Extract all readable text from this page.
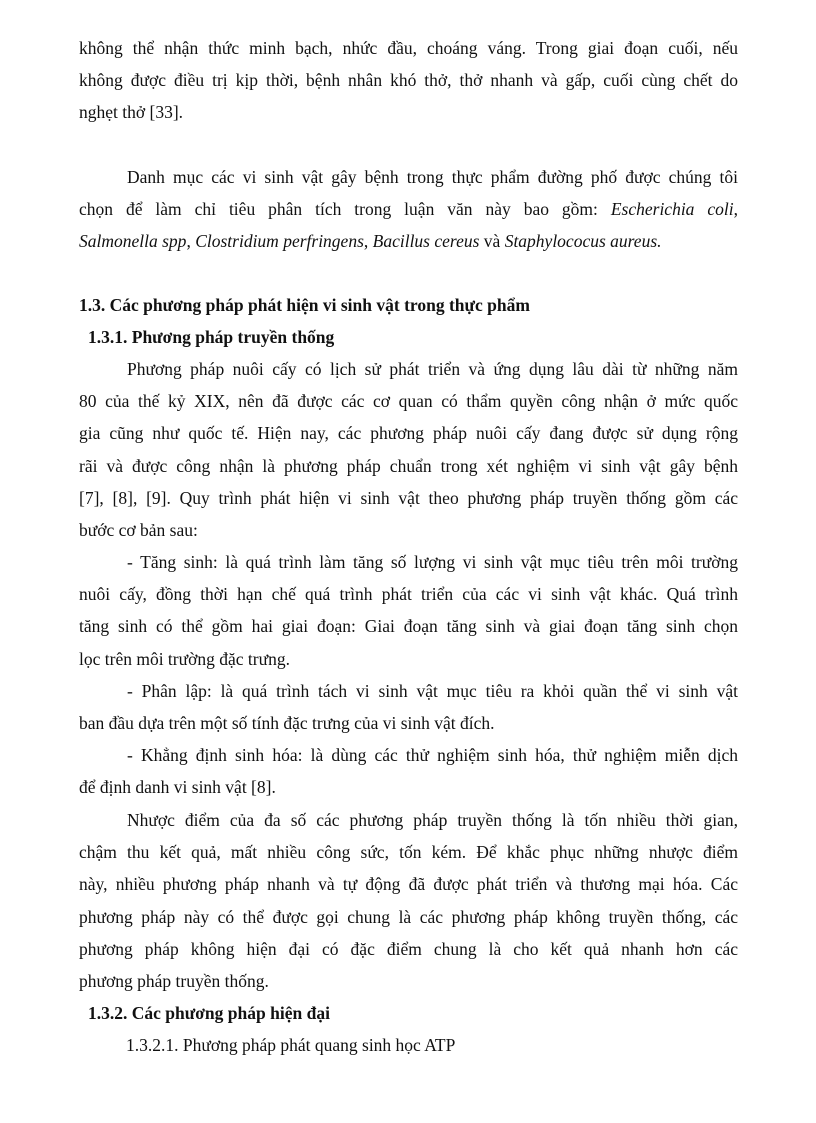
không thể nhận thức minh bạch, nhức đầu, choáng váng. Trong giai đoạn cuối, nếu
không được điều trị kịp thời, bệnh nhân khó thở, thở nhanh và gấp, cuối cùng chết do
nghẹt thở [33].

Danh mục các vi sinh vật gây bệnh trong thực phẩm đường phố được chúng tôi
chọn để làm chỉ tiêu phân tích trong luận văn này bao gồm: Escherichia coli,
Salmonella spp, Clostridium perfringens, Bacillus cereus và Staphylococus aureus.

1.3. Các phương pháp phát hiện vi sinh vật trong thực phẩm
1.3.1. Phương pháp truyền thống

Phương pháp nuôi cấy có lịch sử phát triển và ứng dụng lâu dài từ những năm
80 của thế kỷ XIX, nên đã được các cơ quan có thẩm quyền công nhận ở mức quốc
gia cũng như quốc tế. Hiện nay, các phương pháp nuôi cấy đang được sử dụng rộng
rãi và được công nhận là phương pháp chuẩn trong xét nghiệm vi sinh vật gây bệnh
[7], [8], [9]. Quy trình phát hiện vi sinh vật theo phương pháp truyền thống gồm các
bước cơ bản sau:

- Tăng sinh: là quá trình làm tăng số lượng vi sinh vật mục tiêu trên môi trường
nuôi cấy, đồng thời hạn chế quá trình phát triển của các vi sinh vật khác. Quá trình
tăng sinh có thể gồm hai giai đoạn: Giai đoạn tăng sinh và giai đoạn tăng sinh chọn
lọc trên môi trường đặc trưng.

- Phân lập: là quá trình tách vi sinh vật mục tiêu ra khỏi quần thể vi sinh vật
ban đầu dựa trên một số tính đặc trưng của vi sinh vật đích.

- Khẳng định sinh hóa: là dùng các thử nghiệm sinh hóa, thử nghiệm miễn dịch
để định danh vi sinh vật [8].

Nhược điểm của đa số các phương pháp truyền thống là tốn nhiều thời gian,
chậm thu kết quả, mất nhiều công sức, tốn kém. Để khắc phục những nhược điểm
này, nhiều phương pháp nhanh và tự động đã được phát triển và thương mại hóa. Các
phương pháp này có thể được gọi chung là các phương pháp không truyền thống, các
phương pháp không hiện đại có đặc điểm chung là cho kết quả nhanh hơn các
phương pháp truyền thống.

1.3.2. Các phương pháp hiện đại
1.3.2.1. Phương pháp phát quang sinh học ATP
